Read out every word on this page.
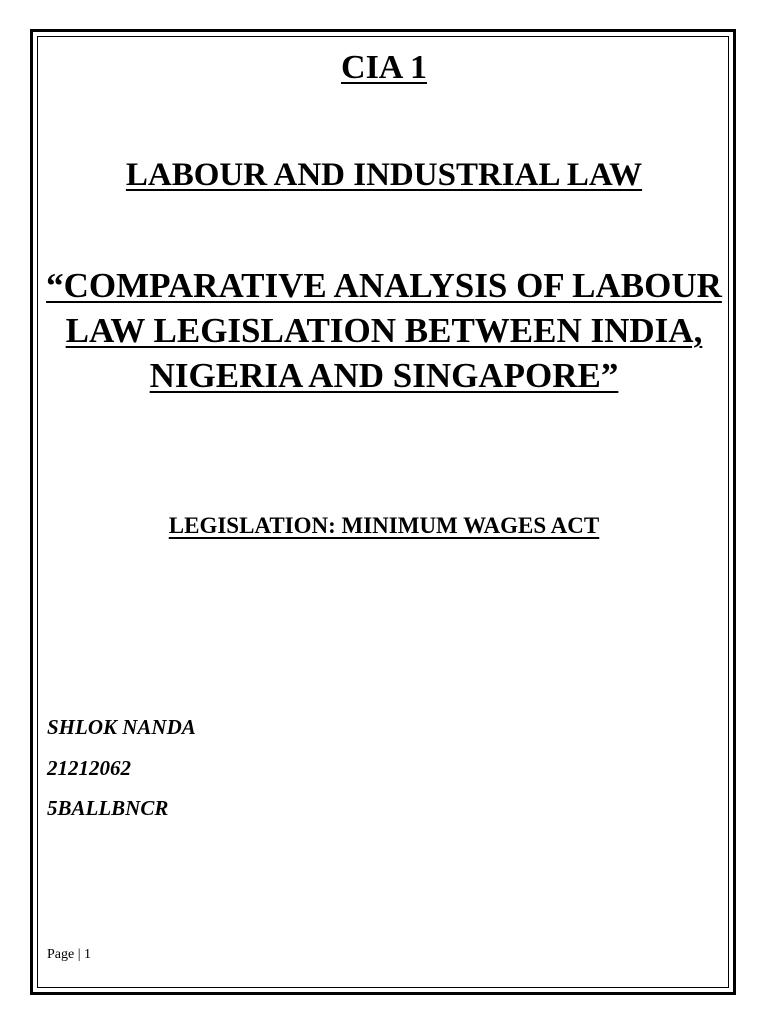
CIA 1
LABOUR AND INDUSTRIAL LAW
“COMPARATIVE ANALYSIS OF LABOUR LAW LEGISLATION BETWEEN INDIA, NIGERIA AND SINGAPORE”
LEGISLATION: MINIMUM WAGES ACT

SHLOK NANDA

21212062

5BALLBNCR

Page | 1
